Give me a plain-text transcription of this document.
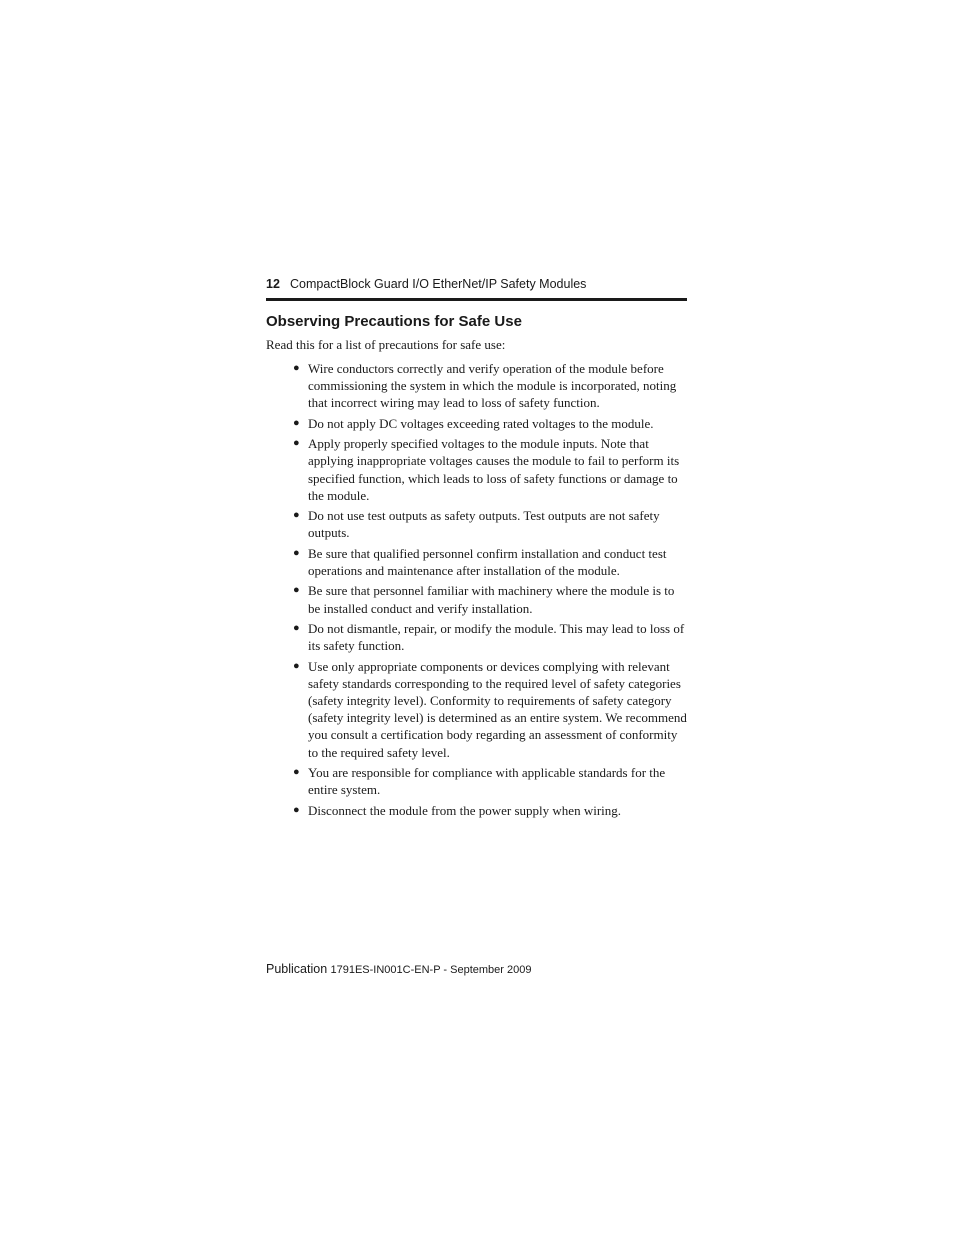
12 CompactBlock Guard I/O EtherNet/IP Safety Modules
Observing Precautions for Safe Use

Read this for a list of precautions for safe use:

● Wire conductors correctly and verify operation of the module before commissioning the system in which the module is incorporated, noting that incorrect wiring may lead to loss of safety function.
● Do not apply DC voltages exceeding rated voltages to the module.
● Apply properly specified voltages to the module inputs. Note that applying inappropriate voltages causes the module to fail to perform its specified function, which leads to loss of safety functions or damage to the module.
● Do not use test outputs as safety outputs. Test outputs are not safety outputs.
● Be sure that qualified personnel confirm installation and conduct test operations and maintenance after installation of the module.
● Be sure that personnel familiar with machinery where the module is to be installed conduct and verify installation.
● Do not dismantle, repair, or modify the module. This may lead to loss of its safety function.
● Use only appropriate components or devices complying with relevant safety standards corresponding to the required level of safety categories (safety integrity level). Conformity to requirements of safety category (safety integrity level) is determined as an entire system. We recommend you consult a certification body regarding an assessment of conformity to the required safety level.
● You are responsible for compliance with applicable standards for the entire system.
● Disconnect the module from the power supply when wiring.
Publication 1791ES-IN001C-EN-P - September 2009
